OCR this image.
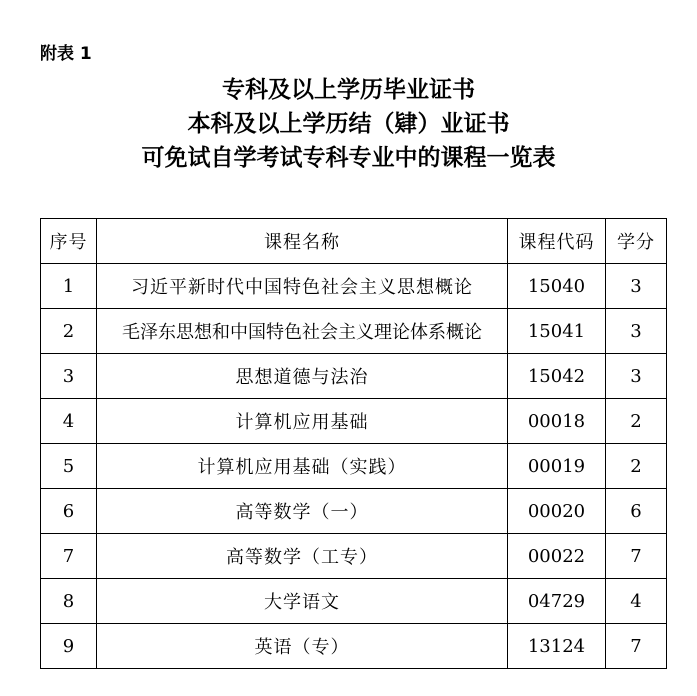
附表 1

专科及以上学历毕业证书
本科及以上学历结（肄）业证书
可免试自学考试专科专业中的课程一览表
序号	课程名称	课程代码	学分
1	习近平新时代中国特色社会主义思想概论	15040	3
2	毛泽东思想和中国特色社会主义理论体系概论	15041	3
3	思想道德与法治	15042	3
4	计算机应用基础	00018	2
5	计算机应用基础（实践）	00019	2
6	高等数学（一）	00020	6
7	高等数学（工专）	00022	7
8	大学语文	04729	4
9	英语（专）	13124	7
